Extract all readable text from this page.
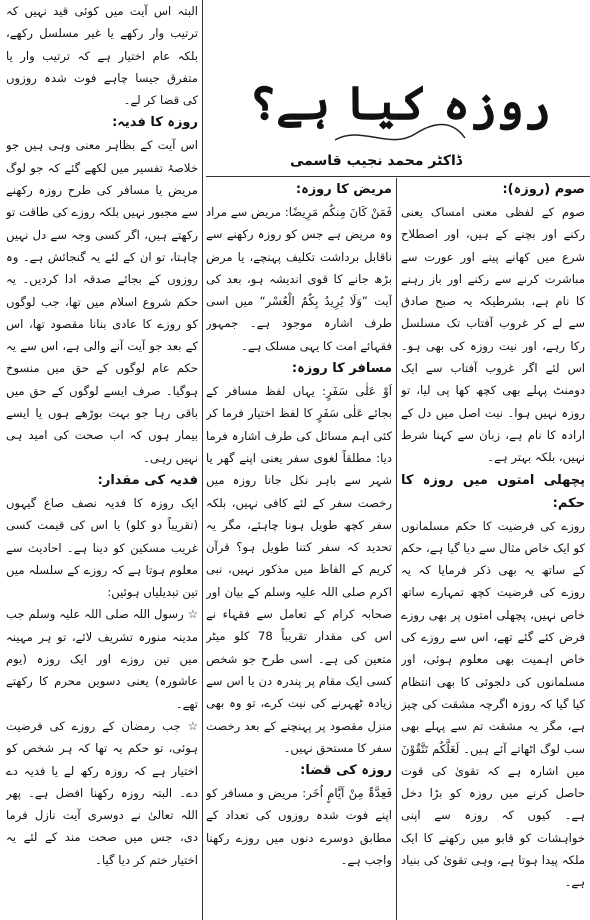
روزہ کیا ہے؟
ڈاکٹر محمد نجیب قاسمی

صوم (روزہ):

صوم کے لفظی معنی امساک یعنی رکنے اور بچنے کے ہیں، اور اصطلاح شرع میں کھانے پینے اور عورت سے مباشرت کرنے سے رکنے اور باز رہنے کا نام ہے، بشرطیکہ یہ صبح صادق سے لے کر غروب آفتاب تک مسلسل رکا رہے، اور نیت روزہ کی بھی ہو۔ اس لئے اگر غروب آفتاب سے ایک دومنٹ پہلے بھی کچھ کھا پی لیا، تو روزہ نہیں ہوا۔ نیت اصل میں دل کے ارادہ کا نام ہے، زبان سے کہنا شرط نہیں، بلکہ بہتر ہے۔

پچھلی امتوں میں روزہ کا حکم:

روزے کی فرضیت کا حکم مسلمانوں کو ایک خاص مثال سے دیا گیا ہے، حکم کے ساتھ یہ بھی ذکر فرمایا کہ یہ روزے کی فرضیت کچھ تمہارے ساتھ خاص نہیں، پچھلی امتوں پر بھی روزے فرض کئے گئے تھے، اس سے روزے کی خاص اہمیت بھی معلوم ہوئی، اور مسلمانوں کی دلجوئی کا بھی انتظام کیا گیا کہ روزہ اگرچہ مشقت کی چیز ہے، مگر یہ مشقت تم سے پہلے بھی سب لوگ اٹھاتے آئے ہیں۔ لَعَلَّکُم تَتَّقُوْنَ میں اشارہ ہے کہ تقویٰ کی قوت حاصل کرنے میں روزہ کو بڑا دخل ہے۔ کیوں کہ روزہ سے اپنی خواہشات کو قابو میں رکھنے کا ایک ملکہ پیدا ہوتا ہے، وہی تقویٰ کی بنیاد ہے۔

مریض کا روزہ:

فَمَنْ کَانَ مِنکُم مَرِیضًا: مریض سے مراد وہ مریض ہے جس کو روزہ رکھنے سے ناقابل برداشت تکلیف پہنچے، یا مرض بڑھ جانے کا قوی اندیشہ ہو، بعد کی آیت ”وَلَا یُرِیدُ بِکُمُ الْعُسْر“ میں اسی طرف اشارہ موجود ہے۔ جمہور فقہائے امت کا یہی مسلک ہے۔

مسافر کا روزہ:

اَوْ عَلٰی سَفَرٍ: یہاں لفظ مسافر کے بجائے عَلٰی سَفَرٍ کا لفظ اختیار فرما کر کئی اہم مسائل کی طرف اشارہ فرما دیا: مطلقاً لغوی سفر یعنی اپنے گھر یا شہر سے باہر نکل جانا روزہ میں رخصت سفر کے لئے کافی نہیں، بلکہ سفر کچھ طویل ہونا چاہئے، مگر یہ تحدید کہ سفر کتنا طویل ہو؟ قرآن کریم کے الفاظ میں مذکور نہیں، نبی اکرم صلی اللہ علیہ وسلم کے بیان اور صحابہ کرام کے تعامل سے فقہاء نے اس کی مقدار تقریباً 78 کلو میٹر متعین کی ہے۔ اسی طرح جو شخص کسی ایک مقام پر پندرہ دن یا اس سے زیادہ ٹھہرنے کی نیت کرے، تو وہ بھی منزل مقصود پر پہنچنے کے بعد رخصت سفر کا مستحق نہیں۔

روزہ کی قضا:

فَعِدَّۃٌ مِنْ اَیَّامٍ اُخَر: مریض و مسافر کو اپنے فوت شدہ روزوں کی تعداد کے مطابق دوسرے دنوں میں روزے رکھنا واجب ہے۔

البتہ اس آیت میں کوئی قید نہیں کہ ترتیب وار رکھے یا غیر مسلسل رکھے، بلکہ عام اختیار ہے کہ ترتیب وار یا متفرق جیسا چاہے فوت شدہ روزوں کی قضا کر لے۔

روزہ کا فدیہ:

اس آیت کے بظاہر معنی وہی ہیں جو خلاصۂ تفسیر میں لکھے گئے کہ جو لوگ مریض یا مسافر کی طرح روزہ رکھنے سے مجبور نہیں بلکہ روزے کی طاقت تو رکھتے ہیں، اگر کسی وجہ سے دل نہیں چاہتا، تو ان کے لئے یہ گنجائش ہے۔ وہ روزوں کے بجائے صدقہ ادا کردیں۔ یہ حکم شروع اسلام میں تھا، جب لوگوں کو روزے کا عادی بنانا مقصود تھا، اس کے بعد جو آیت آنے والی ہے، اس سے یہ حکم عام لوگوں کے حق میں منسوخ ہوگیا۔ صرف ایسے لوگوں کے حق میں باقی رہا جو بہت بوڑھے ہوں یا ایسے بیمار ہوں کہ اب صحت کی امید ہی نہیں رہی۔

فدیہ کی مقدار:

ایک روزہ کا فدیہ نصف صاع گیہوں (تقریباً دو کلو) یا اس کی قیمت کسی غریب مسکین کو دینا ہے۔ احادیث سے معلوم ہوتا ہے کہ روزے کے سلسلہ میں تین تبدیلیاں ہوئیں:

☆ رسول اللہ صلی اللہ علیہ وسلم جب مدینہ منورہ تشریف لائے، تو ہر مہینہ میں تین روزے اور ایک روزہ (یوم عاشورہ) یعنی دسویں محرم کا رکھتے تھے۔

☆ جب رمضان کے روزے کی فرضیت ہوئی، تو حکم یہ تھا کہ ہر شخص کو اختیار ہے کہ روزہ رکھ لے یا فدیہ دے دے۔ البتہ روزہ رکھنا افضل ہے۔ پھر اللہ تعالیٰ نے دوسری آیت نازل فرما دی، جس میں صحت مند کے لئے یہ اختیار ختم کر دیا گیا۔
